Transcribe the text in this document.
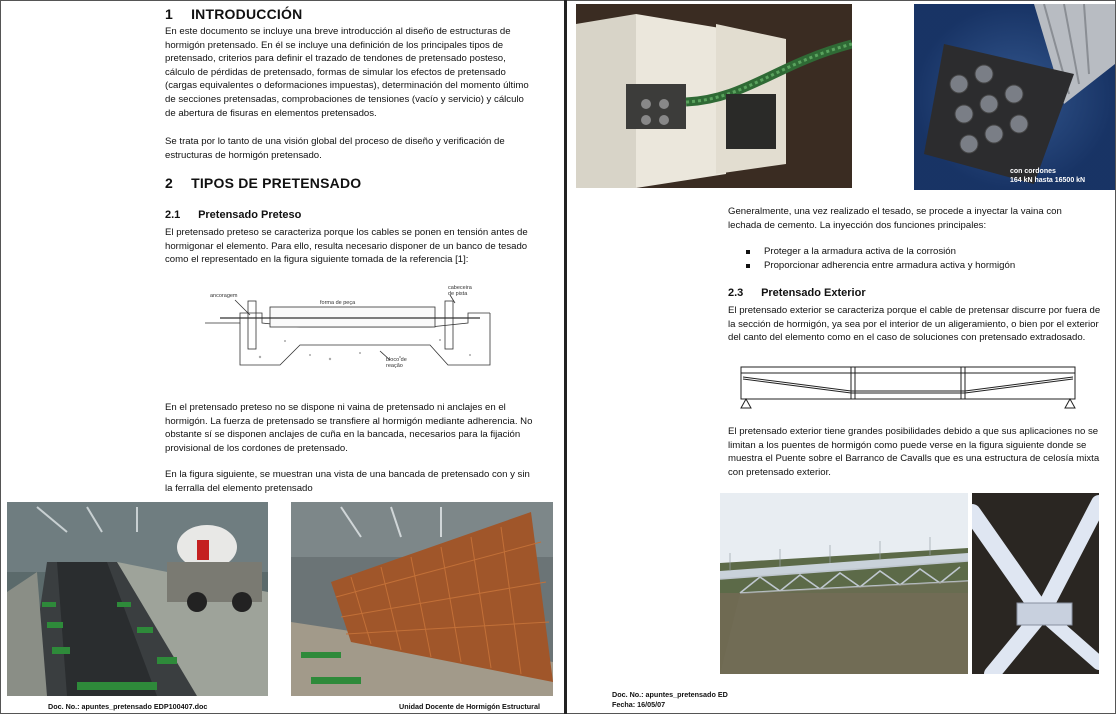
1 INTRODUCCIÓN

En este documento se incluye una breve introducción al diseño de estructuras de hormigón pretensado. En él se incluye una definición de los principales tipos de pretensado, criterios para definir el trazado de tendones de pretensado posteso, cálculo de pérdidas de pretensado, formas de simular los efectos de pretensado (cargas equivalentes o deformaciones impuestas), determinación del momento último de secciones pretensadas, comprobaciones de tensiones (vacío y servicio) y cálculo de abertura de fisuras en elementos pretensados.

Se trata por lo tanto de una visión global del proceso de diseño y verificación de estructuras de hormigón pretensado.

2 TIPOS DE PRETENSADO
2.1 Pretensado Preteso

El pretensado preteso se caracteriza porque los cables se ponen en tensión antes de hormigonar el elemento. Para ello, resulta necesario disponer de un banco de tesado como el representado en la figura siguiente tomada de la referencia [1]:

ancoragem
forma de peça
cabeceira
de pista
bloco de
reação

En el pretensado preteso no se dispone ni vaina de pretensado ni anclajes en el hormigón. La fuerza de pretensado se transfiere al hormigón mediante adherencia. No obstante sí se disponen anclajes de cuña en la bancada, necesarios para la fijación provisional de los cordones de pretensado.

En la figura siguiente, se muestran una vista de una bancada de pretensado con y sin la ferralla del elemento pretensado

Doc. No.: apuntes_pretensado EDP100407.doc	Unidad Docente de Hormigón Estructural
con cordones
164 kN hasta 16500 kN

Generalmente, una vez realizado el tesado, se procede a inyectar la vaina con lechada de cemento. La inyección dos funciones principales:

Proteger a la armadura activa de la corrosión
Proporcionar adherencia entre armadura activa y hormigón
2.3 Pretensado Exterior

El pretensado exterior se caracteriza porque el cable de pretensar discurre por fuera de la sección de hormigón, ya sea por el interior de un aligeramiento, o bien por el exterior del canto del elemento como en el caso de soluciones con pretensado extradosado.

El pretensado exterior tiene grandes posibilidades debido a que sus aplicaciones no se limitan a los puentes de hormigón como puede verse en la figura siguiente donde se muestra el Puente sobre el Barranco de Cavalls que es una estructura de celosía mixta con pretensado exterior.

Doc. No.: apuntes_pretensado ED
Fecha: 16/05/07
